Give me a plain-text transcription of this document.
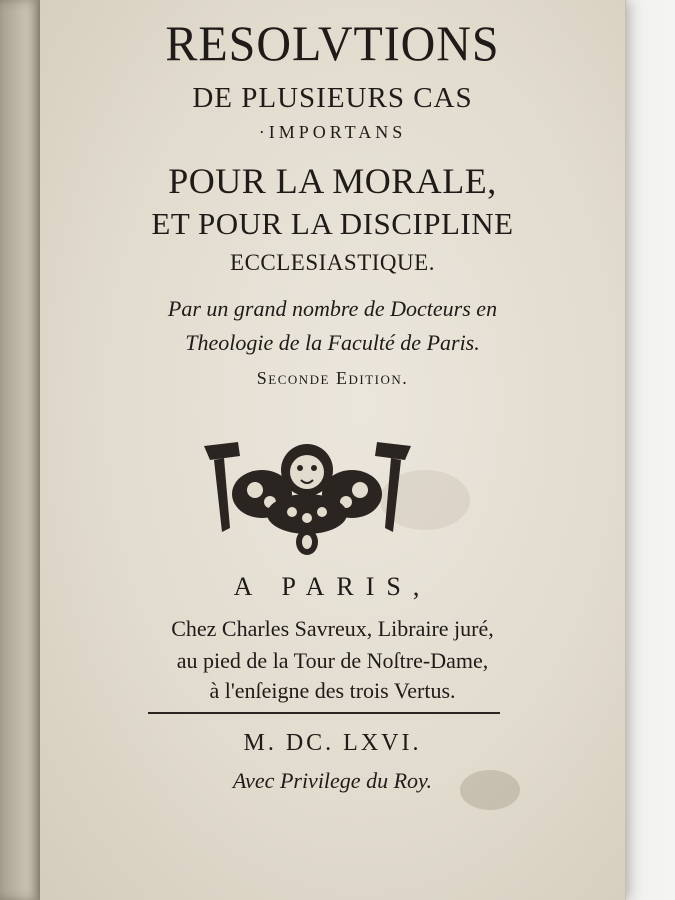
RESOLVTIONS

DE PLUSIEURS CAS

·IMPORTANS

POUR LA MORALE,

ET POUR LA DISCIPLINE

ECCLESIASTIQUE.

Par un grand nombre de Docteurs en

Theologie de la Faculté de Paris.

Seconde Edition.

A PARIS,

Chez Charles Savreux, Libraire juré,

au pied de la Tour de Noſtre-Dame,

à l'enſeigne des trois Vertus.

M. DC. LXVI.

Avec Privilege du Roy.
